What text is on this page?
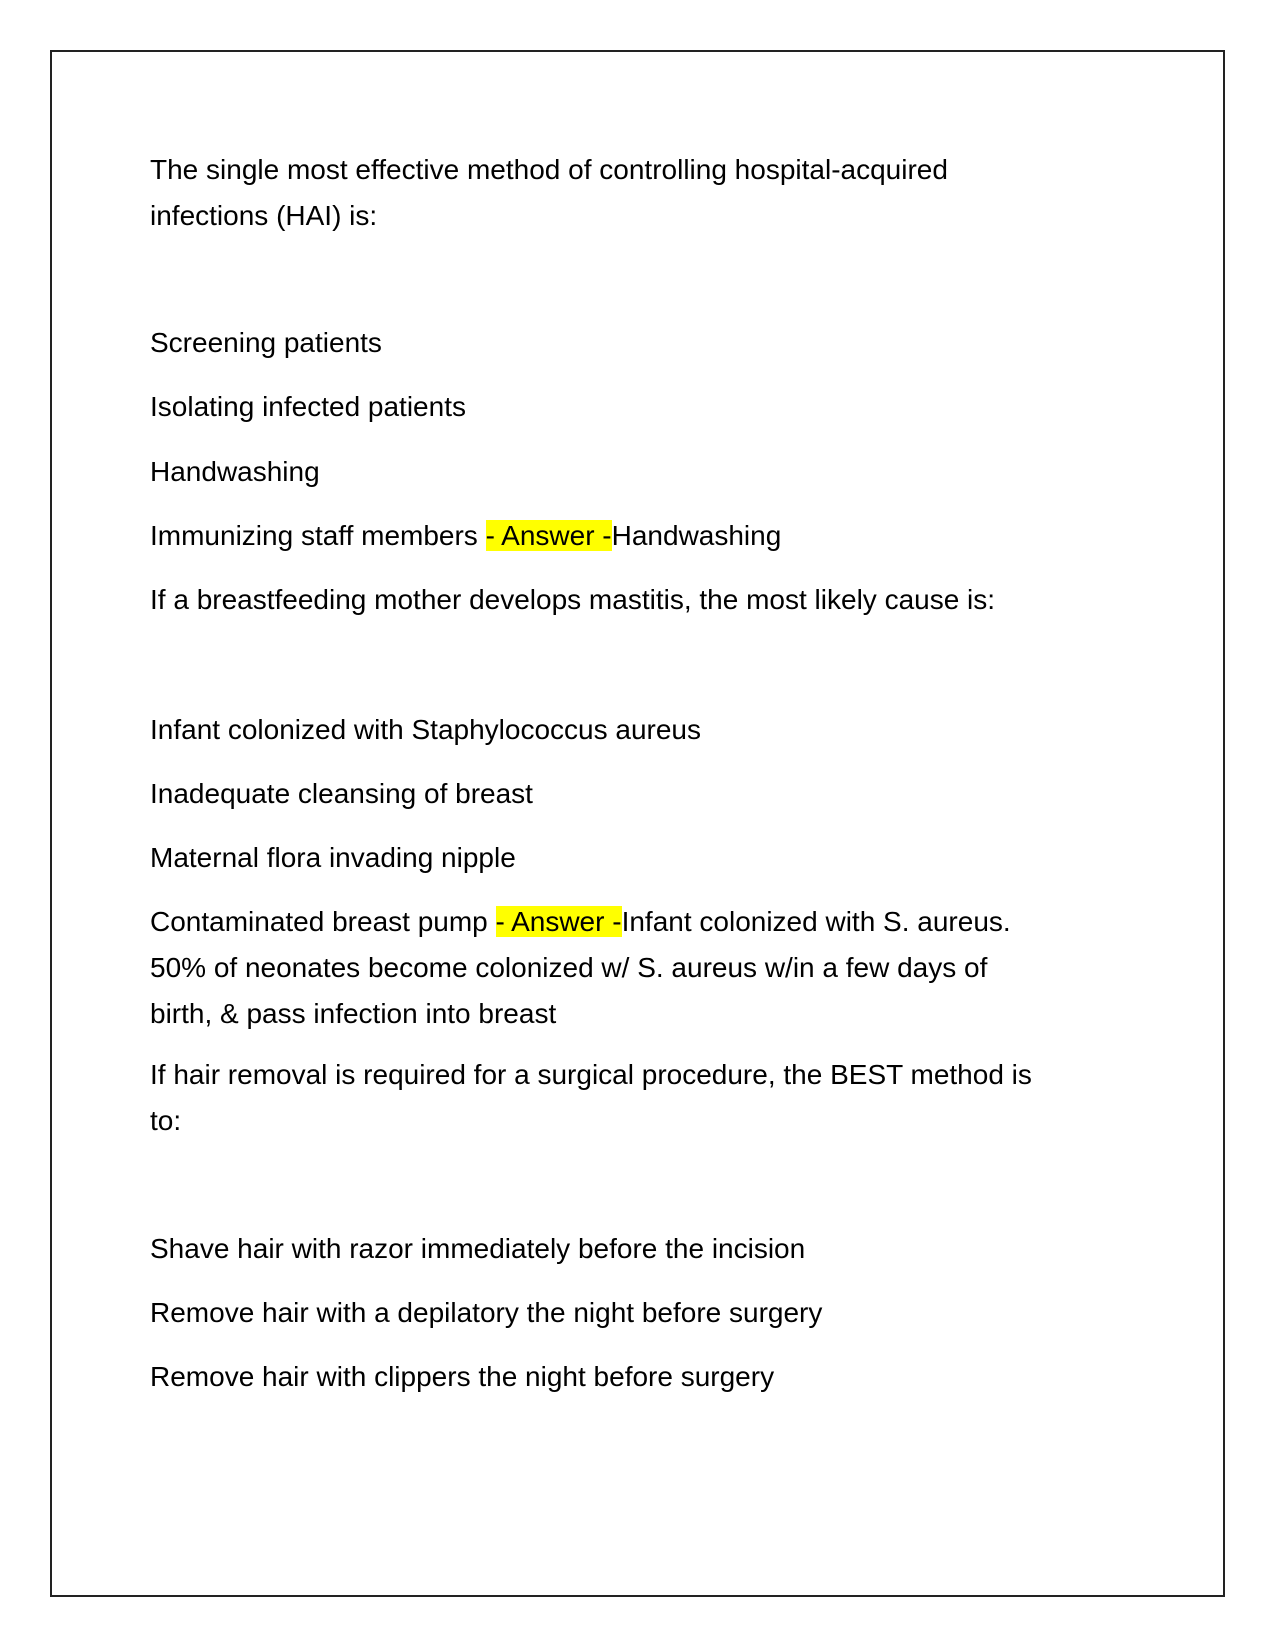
The single most effective method of controlling hospital-acquired
infections (HAI) is:
Screening patients
Isolating infected patients
Handwashing
Immunizing staff members - Answer -Handwashing
If a breastfeeding mother develops mastitis, the most likely cause is:
Infant colonized with Staphylococcus aureus
Inadequate cleansing of breast
Maternal flora invading nipple
Contaminated breast pump - Answer -Infant colonized with S. aureus.
50% of neonates become colonized w/ S. aureus w/in a few days of
birth, & pass infection into breast
If hair removal is required for a surgical procedure, the BEST method is
to:
Shave hair with razor immediately before the incision
Remove hair with a depilatory the night before surgery
Remove hair with clippers the night before surgery
